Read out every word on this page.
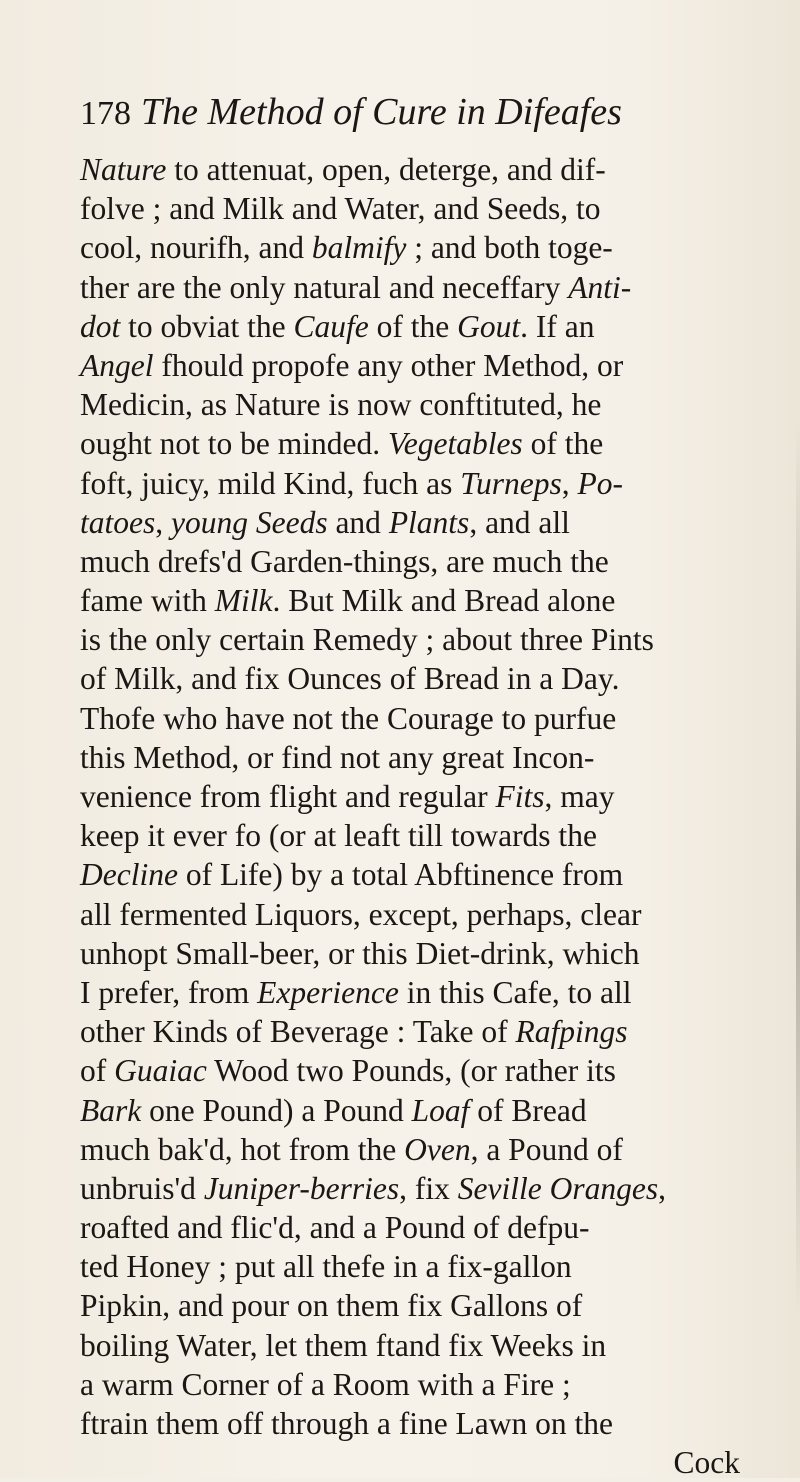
178 The Method of Cure in Difeafes
Nature to attenuat, open, deterge, and dif-
folve ; and Milk and Water, and Seeds, to
cool, nourifh, and balmify ; and both toge-
ther are the only natural and neceffary Anti-
dot to obviat the Caufe of the Gout. If an
Angel fhould propofe any other Method, or
Medicin, as Nature is now conftituted, he
ought not to be minded. Vegetables of the
foft, juicy, mild Kind, fuch as Turneps, Po-
tatoes, young Seeds and Plants, and all
much drefs'd Garden-things, are much the
fame with Milk. But Milk and Bread alone
is the only certain Remedy ; about three Pints
of Milk, and fix Ounces of Bread in a Day.
Thofe who have not the Courage to purfue
this Method, or find not any great Incon-
venience from flight and regular Fits, may
keep it ever fo (or at leaft till towards the
Decline of Life) by a total Abftinence from
all fermented Liquors, except, perhaps, clear
unhopt Small-beer, or this Diet-drink, which
I prefer, from Experience in this Cafe, to all
other Kinds of Beverage : Take of Rafpings
of Guaiac Wood two Pounds, (or rather its
Bark one Pound) a Pound Loaf of Bread
much bak'd, hot from the Oven, a Pound of
unbruis'd Juniper-berries, fix Seville Oranges,
roafted and flic'd, and a Pound of defpu-
ted Honey ; put all thefe in a fix-gallon
Pipkin, and pour on them fix Gallons of
boiling Water, let them ftand fix Weeks in
a warm Corner of a Room with a Fire ;
ftrain them off through a fine Lawn on the
Cock
